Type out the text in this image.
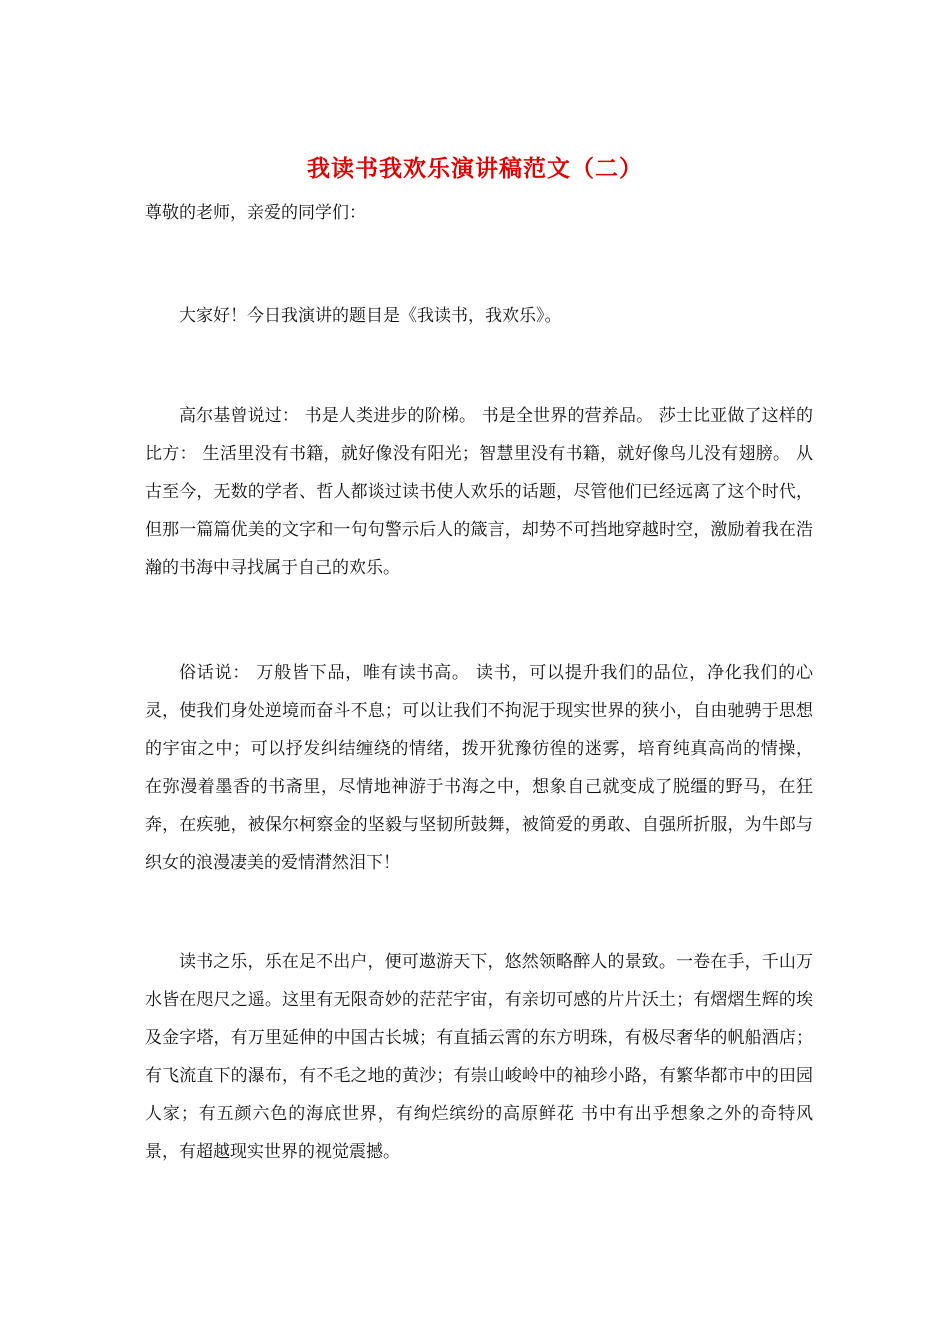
我读书我欢乐演讲稿范文（二）
尊敬的老师，亲爱的同学们：
大家好！今日我演讲的题目是《我读书，我欢乐》。
高尔基曾说过： 书是人类进步的阶梯。 书是全世界的营养品。 莎士比亚做了这样的比方： 生活里没有书籍，就好像没有阳光；智慧里没有书籍，就好像鸟儿没有翅膀。 从古至今，无数的学者、哲人都谈过读书使人欢乐的话题，尽管他们已经远离了这个时代，但那一篇篇优美的文字和一句句警示后人的箴言，却势不可挡地穿越时空，激励着我在浩瀚的书海中寻找属于自己的欢乐。
俗话说： 万般皆下品，唯有读书高。 读书，可以提升我们的品位，净化我们的心灵，使我们身处逆境而奋斗不息；可以让我们不拘泥于现实世界的狭小，自由驰骋于思想的宇宙之中；可以抒发纠结缠绕的情绪，拨开犹豫彷徨的迷雾，培育纯真高尚的情操， 在弥漫着墨香的书斋里，尽情地神游于书海之中，想象自己就变成了脱缰的野马，在狂奔，在疾驰，被保尔柯察金的坚毅与坚韧所鼓舞，被简爱的勇敢、自强所折服，为牛郎与织女的浪漫凄美的爱情潸然泪下！
读书之乐，乐在足不出户，便可遨游天下，悠然领略醉人的景致。一卷在手，千山万水皆在咫尺之遥。这里有无限奇妙的茫茫宇宙，有亲切可感的片片沃土；有熠熠生辉的埃及金字塔，有万里延伸的中国古长城；有直插云霄的东方明珠，有极尽奢华的帆船酒店；有飞流直下的瀑布，有不毛之地的黄沙；有崇山峻岭中的袖珍小路，有繁华都市中的田园人家；有五颜六色的海底世界，有绚烂缤纷的高原鲜花 书中有出乎想象之外的奇特风景，有超越现实世界的视觉震撼。
